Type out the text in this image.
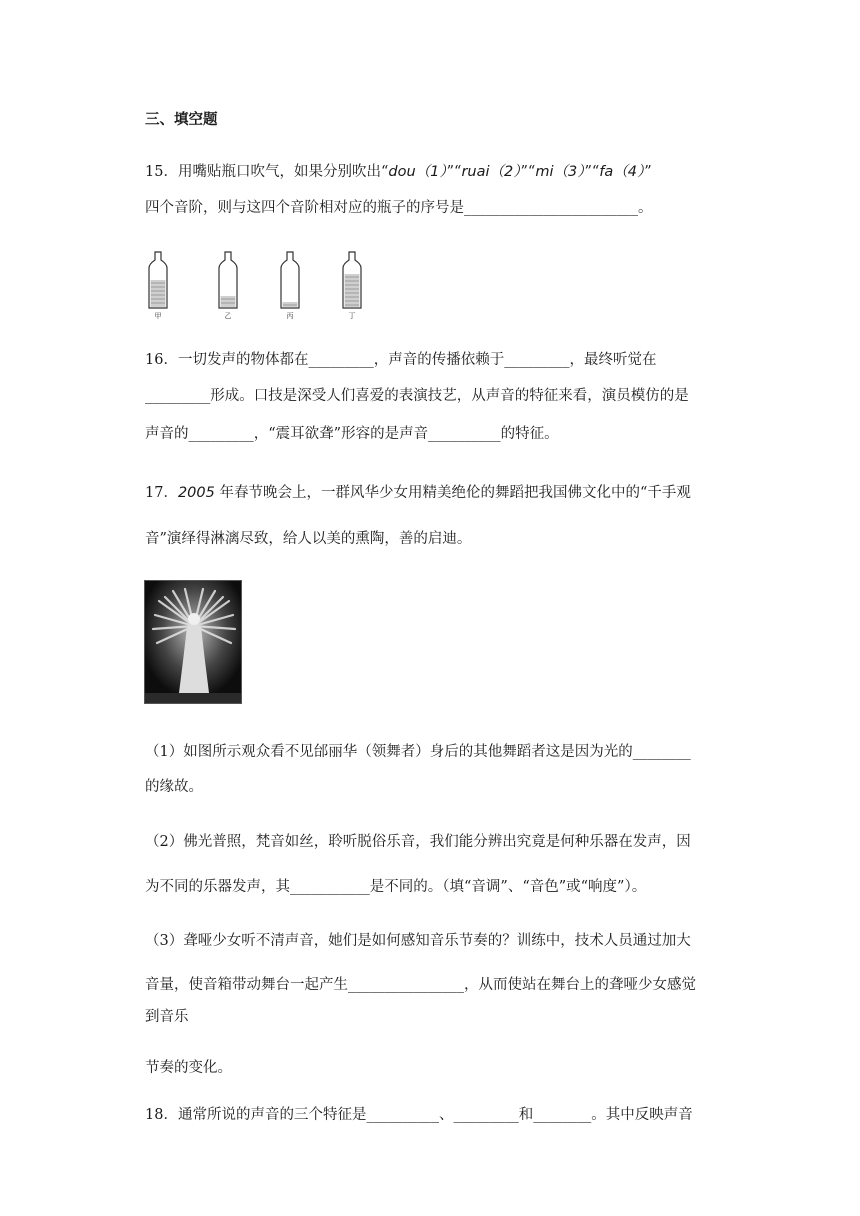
三、填空题
15．用嘴贴瓶口吹气，如果分别吹出“dou（1）”“ruai（2）”“mi（3）”“fa（4）”
四个音阶，则与这四个音阶相对应的瓶子的序号是________________________。
甲	乙	丙	丁
16．一切发声的物体都在_________，声音的传播依赖于_________，最终听觉在
_________形成。口技是深受人们喜爱的表演技艺，从声音的特征来看，演员模仿的是
声音的_________，“震耳欲聋”形容的是声音__________的特征。
17．2005 年春节晚会上，一群风华少女用精美绝伦的舞蹈把我国佛文化中的“千手观
音”演绎得淋漓尽致，给人以美的熏陶，善的启迪。
（1）如图所示观众看不见邰丽华（领舞者）身后的其他舞蹈者这是因为光的________
的缘故。
（2）佛光普照，梵音如丝，聆听脱俗乐音，我们能分辨出究竟是何种乐器在发声，因
为不同的乐器发声，其___________是不同的。（填“音调”、“音色”或“响度”）。
（3）聋哑少女听不清声音，她们是如何感知音乐节奏的？训练中，技术人员通过加大
音量，使音箱带动舞台一起产生________________，从而使站在舞台上的聋哑少女感觉
到音乐
节奏的变化。
18．通常所说的声音的三个特征是__________、_________和________。其中反映声音
